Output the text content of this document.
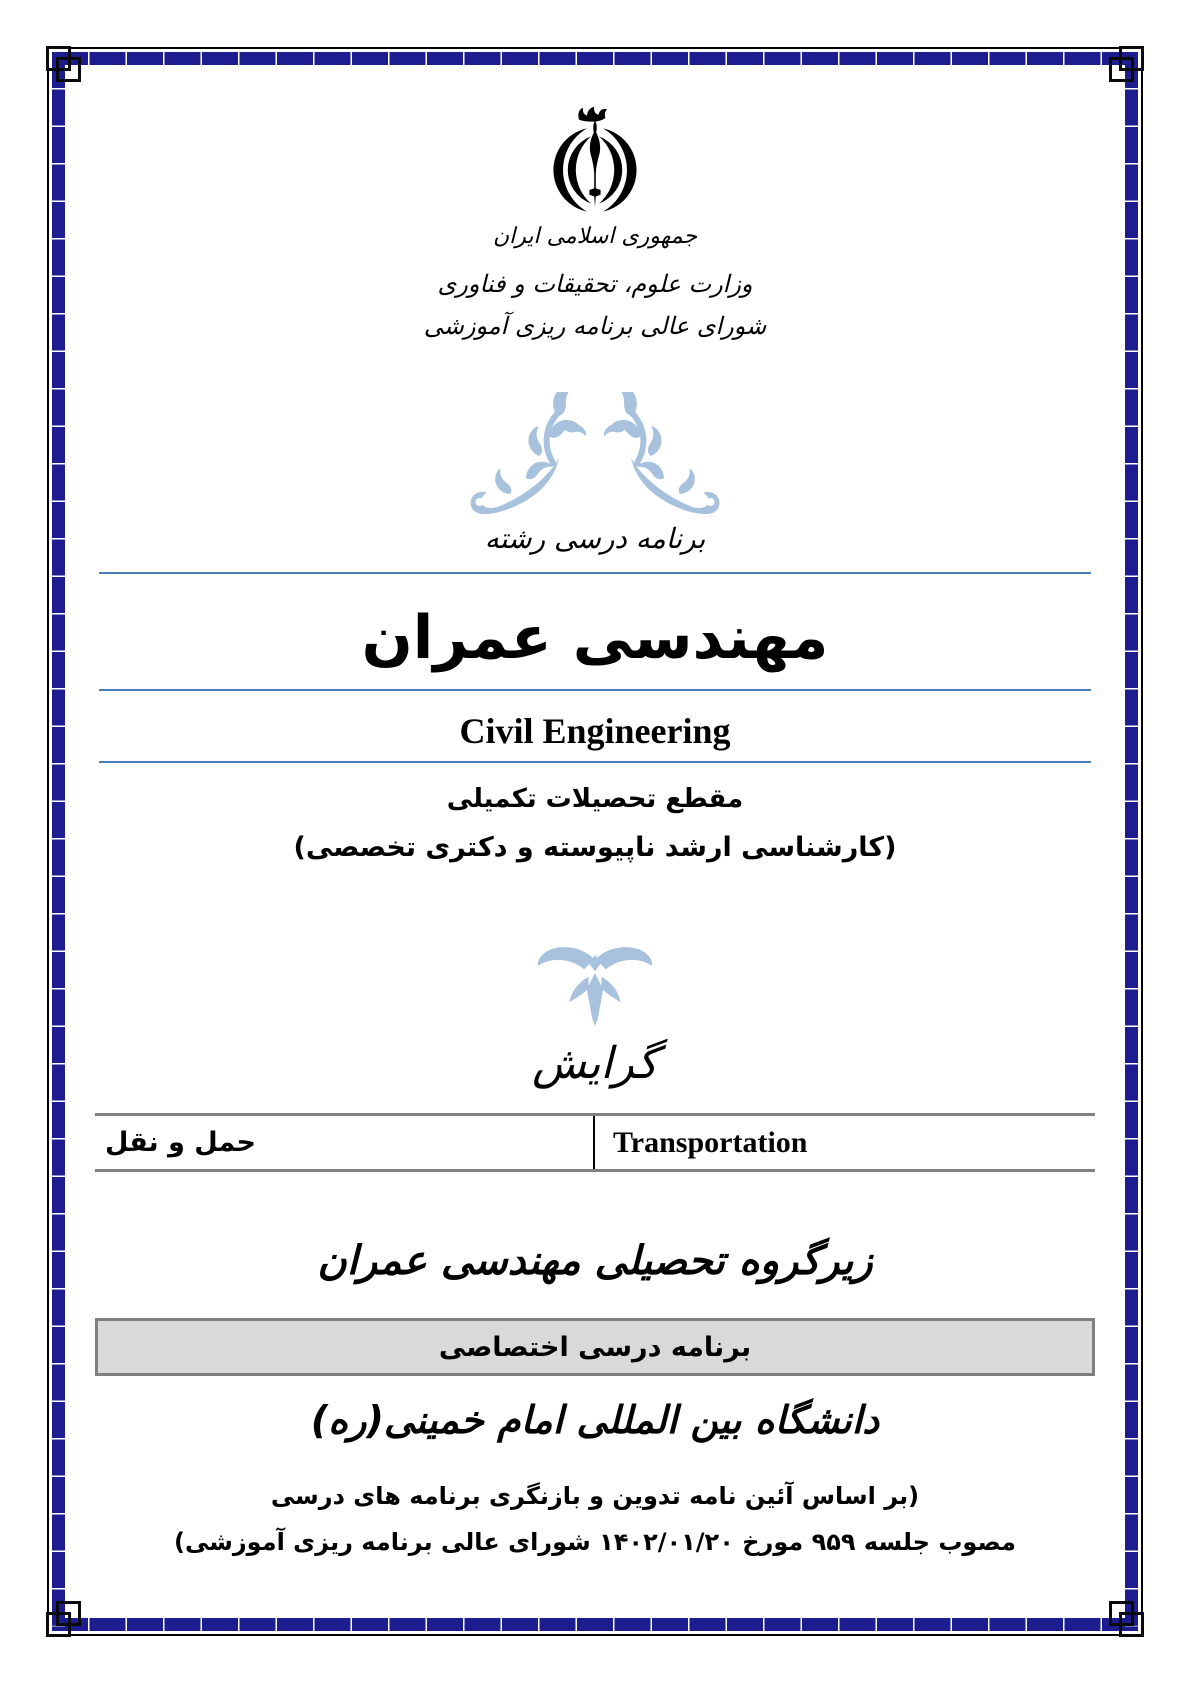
جمهوری اسلامی ایران
وزارت علوم، تحقیقات و فناوری
شورای عالی برنامه ریزی آموزشی
برنامه درسی رشته
مهندسی عمران
Civil Engineering
مقطع تحصیلات تکمیلی
(کارشناسی ارشد ناپیوسته و دکتری تخصصی)
گرایش
حمل و نقل	Transportation
زیرگروه تحصیلی مهندسی عمران
برنامه درسی اختصاصی
دانشگاه بین المللی امام خمینی(ره)
(بر اساس آئین نامه تدوین و بازنگری برنامه های درسی
مصوب جلسه ۹۵۹ مورخ ۱۴۰۲/۰۱/۲۰ شورای عالی برنامه ریزی آموزشی)
